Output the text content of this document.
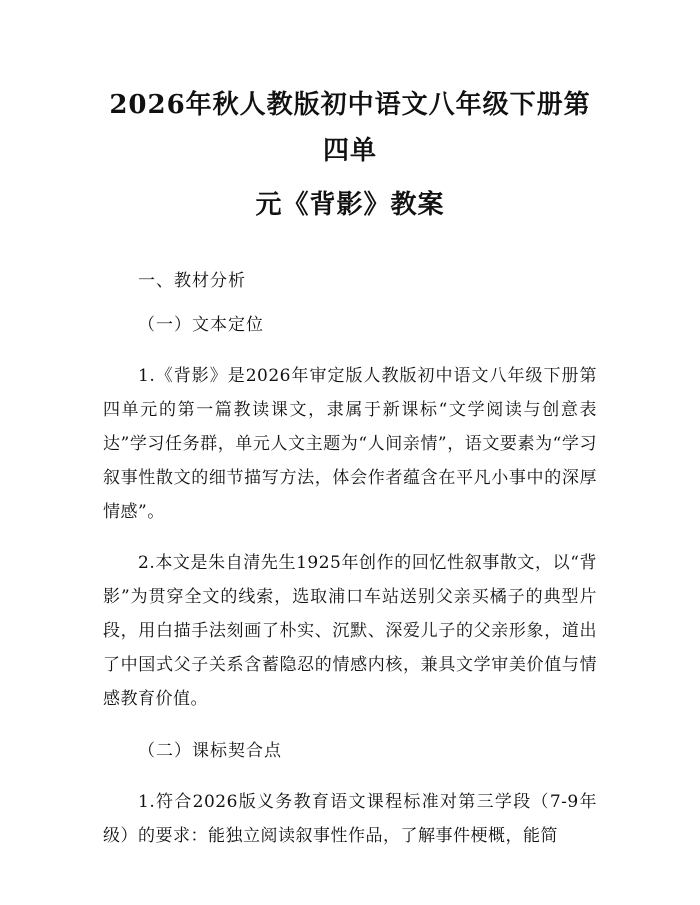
2026年秋人教版初中语文八年级下册第四单
元《背影》教案

一、教材分析

（一）文本定位

1.《背影》是2026年审定版人教版初中语文八年级下册第四单元的第一篇教读课文，隶属于新课标“文学阅读与创意表达”学习任务群，单元人文主题为“人间亲情”，语文要素为“学习叙事性散文的细节描写方法，体会作者蕴含在平凡小事中的深厚情感”。

2.本文是朱自清先生1925年创作的回忆性叙事散文，以“背影”为贯穿全文的线索，选取浦口车站送别父亲买橘子的典型片段，用白描手法刻画了朴实、沉默、深爱儿子的父亲形象，道出了中国式父子关系含蓄隐忍的情感内核，兼具文学审美价值与情感教育价值。

（二）课标契合点

1.符合2026版义务教育语文课程标准对第三学段（7-9年级）的要求：能独立阅读叙事性作品，了解事件梗概，能简
